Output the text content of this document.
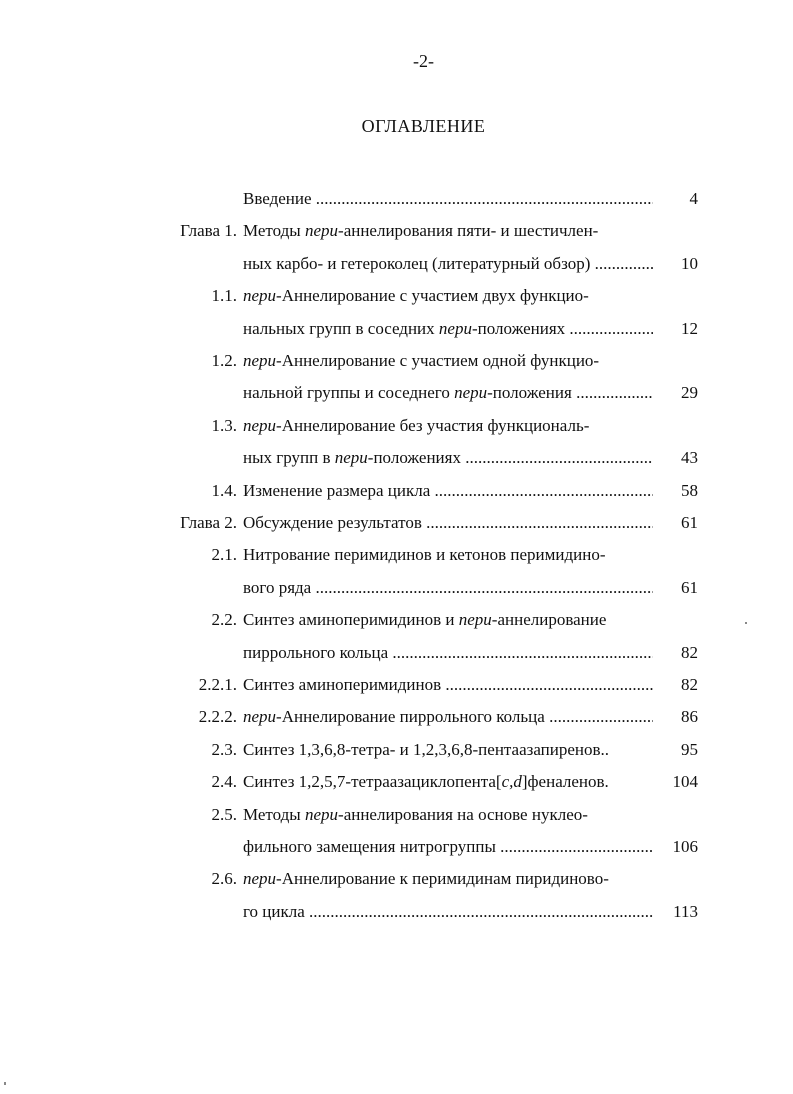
-2-
ОГЛАВЛЕНИЕ
Введение .....	4
Глава 1. Методы пери-аннелирования пяти- и шестичлен-
ных карбо- и гетероколец (литературный обзор) .....	10
1.1. пери-Аннелирование с участием двух функцио-
нальных групп в соседних пери-положениях .....	12
1.2. пери-Аннелирование с участием одной функцио-
нальной группы и соседнего пери-положения .....	29
1.3. пери-Аннелирование без участия функциональ-
ных групп в пери-положениях .....	43
1.4. Изменение размера цикла .....	58
Глава 2. Обсуждение результатов .....	61
2.1. Нитрование перимидинов и кетонов перимидино-
вого ряда .....	61
2.2. Синтез аминоперимидинов и пери-аннелирование
пиррольного кольца .....	82
2.2.1. Синтез аминоперимидинов .....	82
2.2.2. пери-Аннелирование пиррольного кольца .....	86
2.3. Синтез 1,3,6,8-тетра- и 1,2,3,6,8-пентаазапиренов..	95
2.4. Синтез 1,2,5,7-тетраазациклопента[c,d]феналенов.	104
2.5. Методы пери-аннелирования на основе нуклео-
фильного замещения нитрогруппы .....	106
2.6. пери-Аннелирование к перимидинам пиридиново-
го цикла .....	113
